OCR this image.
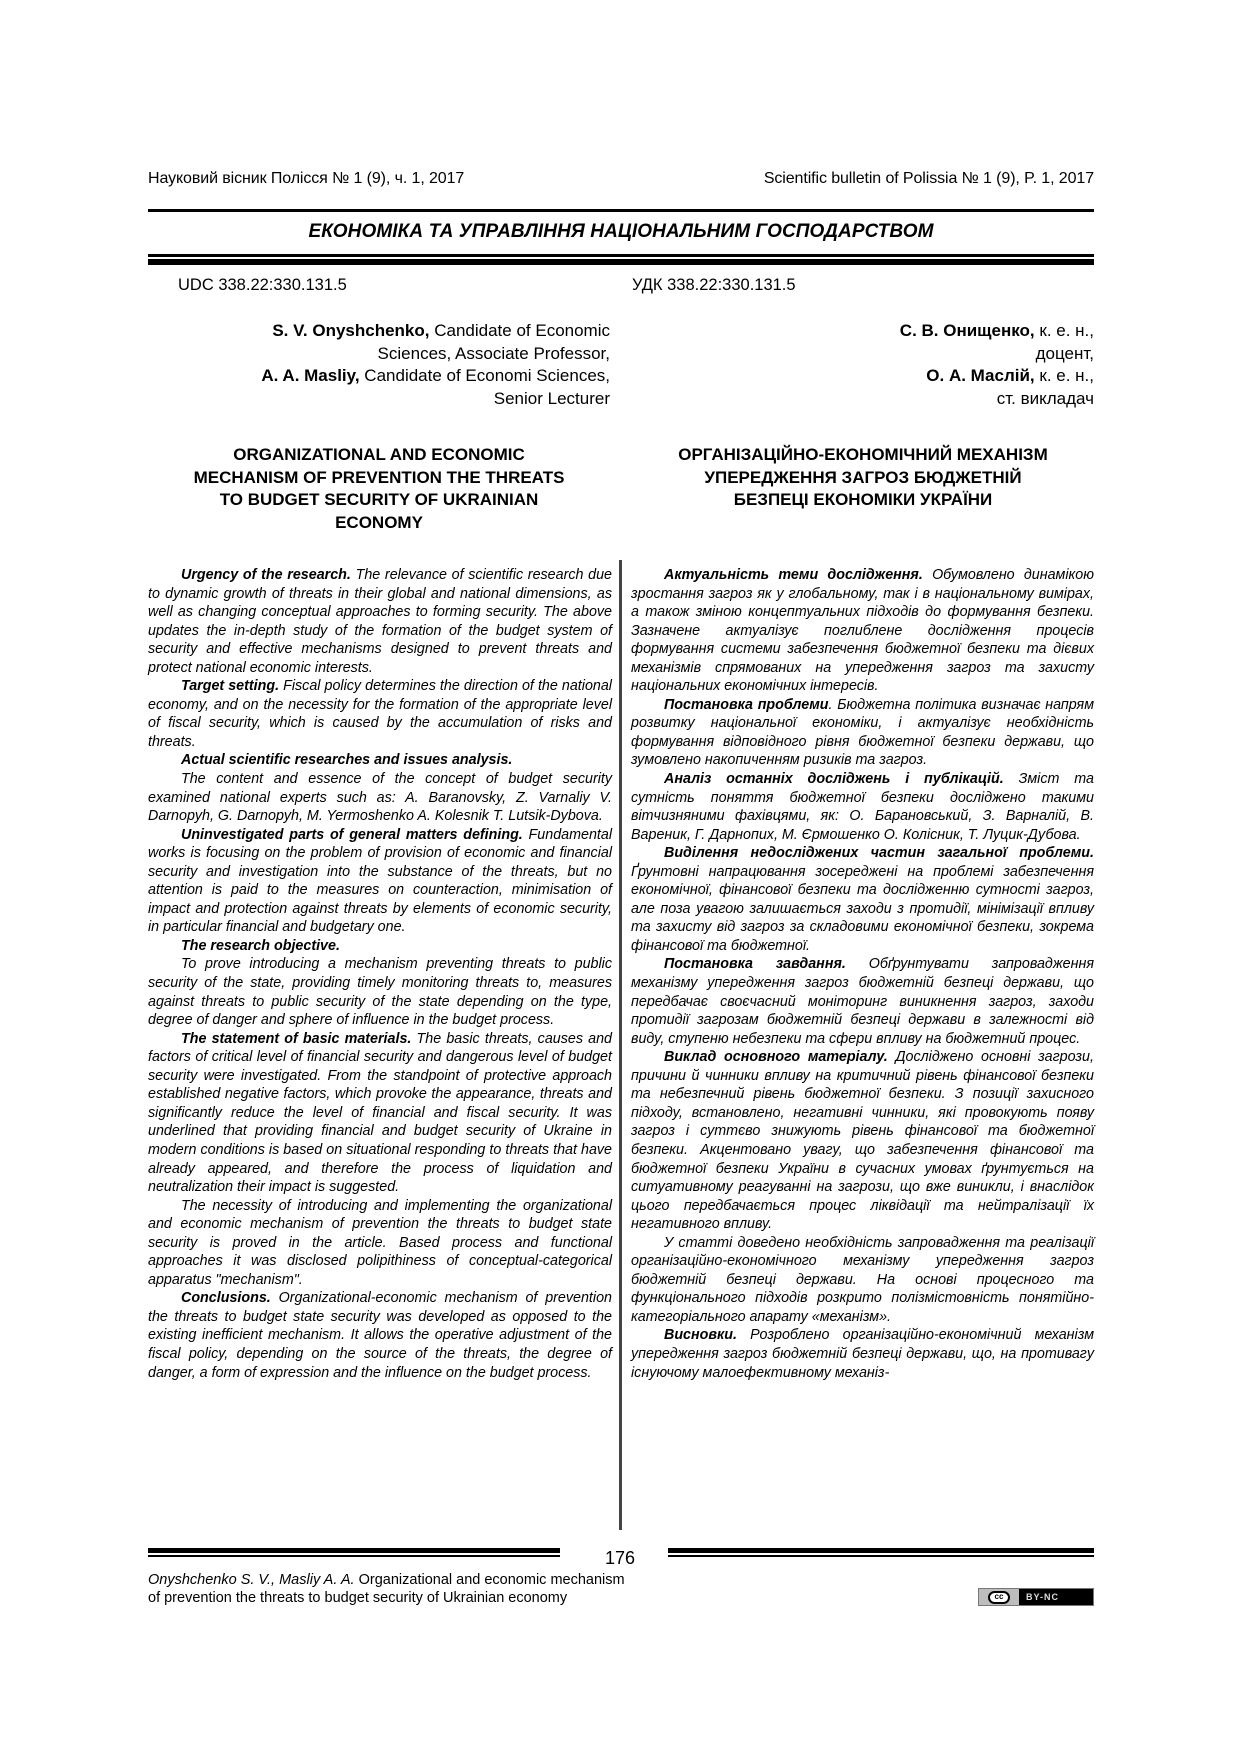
Науковий вісник Полісся № 1 (9), ч. 1, 2017	Scientific bulletin of Polissia № 1 (9), P. 1, 2017
ЕКОНОМІКА ТА УПРАВЛІННЯ НАЦІОНАЛЬНИМ ГОСПОДАРСТВОМ
UDC 338.22:330.131.5	УДК 338.22:330.131.5
S. V. Onyshchenko, Candidate of Economic
Sciences, Associate Professor,
A. A. Masliy, Candidate of Economi Sciences,
Senior Lecturer
С. В. Онищенко, к. е. н.,
доцент,
О. А. Маслій, к. е. н.,
ст. викладач
ORGANIZATIONAL AND ECONOMIC
MECHANISM OF PREVENTION THE THREATS
TO BUDGET SECURITY OF UKRAINIAN
ECONOMY
ОРГАНІЗАЦІЙНО-ЕКОНОМІЧНИЙ МЕХАНІЗМ
УПЕРЕДЖЕННЯ ЗАГРОЗ БЮДЖЕТНІЙ
БЕЗПЕЦІ ЕКОНОМІКИ УКРАЇНИ

Urgency of the research. The relevance of scientific research due to dynamic growth of threats in their global and national dimensions, as well as changing conceptual approaches to forming security. The above updates the in-depth study of the formation of the budget system of security and effective mechanisms designed to prevent threats and protect national economic interests.

Target setting. Fiscal policy determines the direction of the national economy, and on the necessity for the formation of the appropriate level of fiscal security, which is caused by the accumulation of risks and threats.

Actual scientific researches and issues analysis.

The content and essence of the concept of budget security examined national experts such as: A. Baranovsky, Z. Varnaliy V. Darnopyh, G. Darnopyh, M. Yermoshenko A. Kolesnik T. Lutsik-Dybova.

Uninvestigated parts of general matters defining. Fundamental works is focusing on the problem of provision of economic and financial security and investigation into the substance of the threats, but no attention is paid to the measures on counteraction, minimisation of impact and protection against threats by elements of economic security, in particular financial and budgetary one.

The research objective.

To prove introducing a mechanism preventing threats to public security of the state, providing timely monitoring threats to, measures against threats to public security of the state depending on the type, degree of danger and sphere of influence in the budget process.

The statement of basic materials. The basic threats, causes and factors of critical level of financial security and dangerous level of budget security were investigated. From the standpoint of protective approach established negative factors, which provoke the appearance, threats and significantly reduce the level of financial and fiscal security. It was underlined that providing financial and budget security of Ukraine in modern conditions is based on situational responding to threats that have already appeared, and therefore the process of liquidation and neutralization their impact is suggested.

The necessity of introducing and implementing the organizational and economic mechanism of prevention the threats to budget state security is proved in the article. Based process and functional approaches it was disclosed polipithiness of conceptual-categorical apparatus "mechanism".

Conclusions. Organizational-economic mechanism of prevention the threats to budget state security was developed as opposed to the existing inefficient mechanism. It allows the operative adjustment of the fiscal policy, depending on the source of the threats, the degree of danger, a form of expression and the influence on the budget process.

Актуальність теми дослідження. Обумовлено динамікою зростання загроз як у глобальному, так і в національному вимірах, а також зміною концептуальних підходів до формування безпеки. Зазначене актуалізує поглиблене дослідження процесів формування системи забезпечення бюджетної безпеки та дієвих механізмів спрямованих на упередження загроз та захисту національних економічних інтересів.

Постановка проблеми. Бюджетна політика визначає напрям розвитку національної економіки, і актуалізує необхідність формування відповідного рівня бюджетної безпеки держави, що зумовлено накопиченням ризиків та загроз.

Аналіз останніх досліджень і публікацій. Зміст та сутність поняття бюджетної безпеки досліджено такими вітчизняними фахівцями, як: О. Барановський, З. Варналій, В. Вареник, Г. Дарнопих, М. Єрмошенко О. Колісник, Т. Луцик-Дубова.

Виділення недосліджених частин загальної проблеми. Ґрунтовні напрацювання зосереджені на проблемі забезпечення економічної, фінансової безпеки та дослідженню сутності загроз, але поза увагою залишається заходи з протидії, мінімізації впливу та захисту від загроз за складовими економічної безпеки, зокрема фінансової та бюджетної.

Постановка завдання. Обґрунтувати запровадження механізму упередження загроз бюджетній безпеці держави, що передбачає своєчасний моніторинг виникнення загроз, заходи протидії загрозам бюджетній безпеці держави в залежності від виду, ступеню небезпеки та сфери впливу на бюджетний процес.

Виклад основного матеріалу. Досліджено основні загрози, причини й чинники впливу на критичний рівень фінансової безпеки та небезпечний рівень бюджетної безпеки. З позиції захисного підходу, встановлено, негативні чинники, які провокують появу загроз і суттєво знижують рівень фінансової та бюджетної безпеки. Акцентовано увагу, що забезпечення фінансової та бюджетної безпеки України в сучасних умовах ґрунтується на ситуативному реагуванні на загрози, що вже виникли, і внаслідок цього передбачається процес ліквідації та нейтралізації їх негативного впливу.

У статті доведено необхідність запровадження та реалізації організаційно-економічного механізму упередження загроз бюджетній безпеці держави. На основі процесного та функціонального підходів розкрито полізмістовність понятійно-категоріального апарату «механізм».

Висновки. Розроблено організаційно-економічний механізм упередження загроз бюджетній безпеці держави, що, на противагу існуючому малоефективному механіз-

176
Onyshchenko S. V., Masliy A. A. Organizational and economic mechanism
of prevention the threats to budget security of Ukrainian economy	cc	BY-NC
